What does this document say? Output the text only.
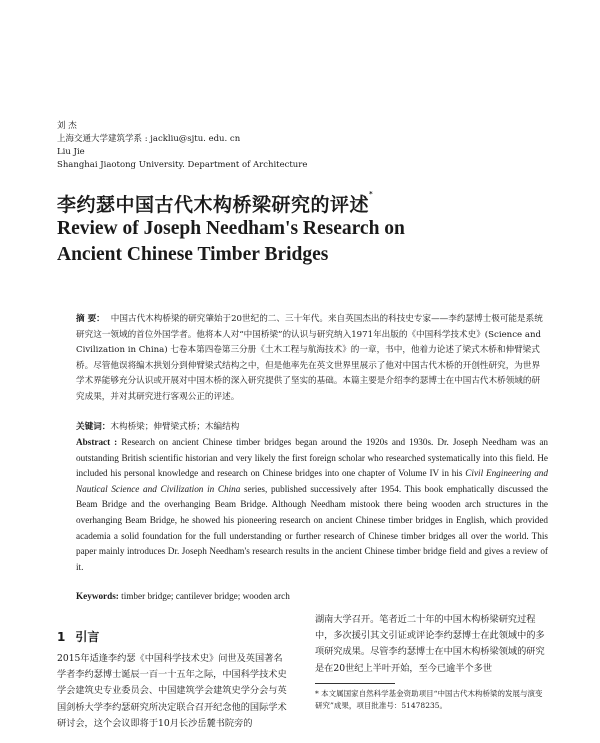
刘 杰
上海交通大学建筑学系 : jackliu@sjtu. edu. cn
Liu Jie
Shanghai Jiaotong University. Department of Architecture
李约瑟中国古代木构桥梁研究的评述*
Review of Joseph Needham's Research on
Ancient Chinese Timber Bridges
摘 要： 中国古代木构桥梁的研究肇始于20世纪的二、三十年代。来自英国杰出的科技史专家——李约瑟博士极可能是系统研究这一领域的首位外国学者。他将本人对“中国桥梁”的认识与研究纳入1971年出版的《中国科学技术史》(Science and Civilization in China) 七卷本第四卷第三分册《土木工程与航海技术》的一章，书中，他着力论述了梁式木桥和伸臂梁式桥。尽管他误将编木拱划分到伸臂梁式结构之中，但是他率先在英文世界里展示了他对中国古代木桥的开创性研究，为世界学术界能够充分认识或开展对中国木桥的深入研究提供了坚实的基础。本篇主要是介绍李约瑟博士在中国古代木桥领域的研究成果，并对其研究进行客观公正的评述。
关键词：木构桥梁；伸臂梁式桥；木编结构
Abstract : Research on ancient Chinese timber bridges began around the 1920s and 1930s. Dr. Joseph Needham was an outstanding British scientific historian and very likely the first foreign scholar who researched systematically into this field. He included his personal knowledge and research on Chinese bridges into one chapter of Volume IV in his Civil Engineering and Nautical Science and Civilization in China series, published successively after 1954. This book emphatically discussed the Beam Bridge and the overhanging Beam Bridge. Although Needham mistook there being wooden arch structures in the overhanging Beam Bridge, he showed his pioneering research on ancient Chinese timber bridges in English, which provided academia a solid foundation for the full understanding or further research of Chinese timber bridges all over the world. This paper mainly introduces Dr. Joseph Needham's research results in the ancient Chinese timber bridge field and gives a review of it.
Keywords: timber bridge; cantilever bridge; wooden arch
1 引言
2015年适逢李约瑟《中国科学技术史》问世及英国著名学者李约瑟博士诞辰一百一十五年之际，中国科学技术史学会建筑史专业委员会、中国建筑学会建筑史学分会与英国剑桥大学李约瑟研究所决定联合召开纪念他的国际学术研讨会，这个会议即将于10月长沙岳麓书院旁的
湖南大学召开。笔者近二十年的中国木构桥梁研究过程中，多次援引其文引证或评论李约瑟博士在此领域中的多项研究成果。尽管李约瑟博士在中国木构桥梁领域的研究是在20世纪上半叶开始，至今已逾半个多世
* 本文属国家自然科学基金资助项目“中国古代木构桥梁的发展与演变研究”成果，项目批准号：51478235。
